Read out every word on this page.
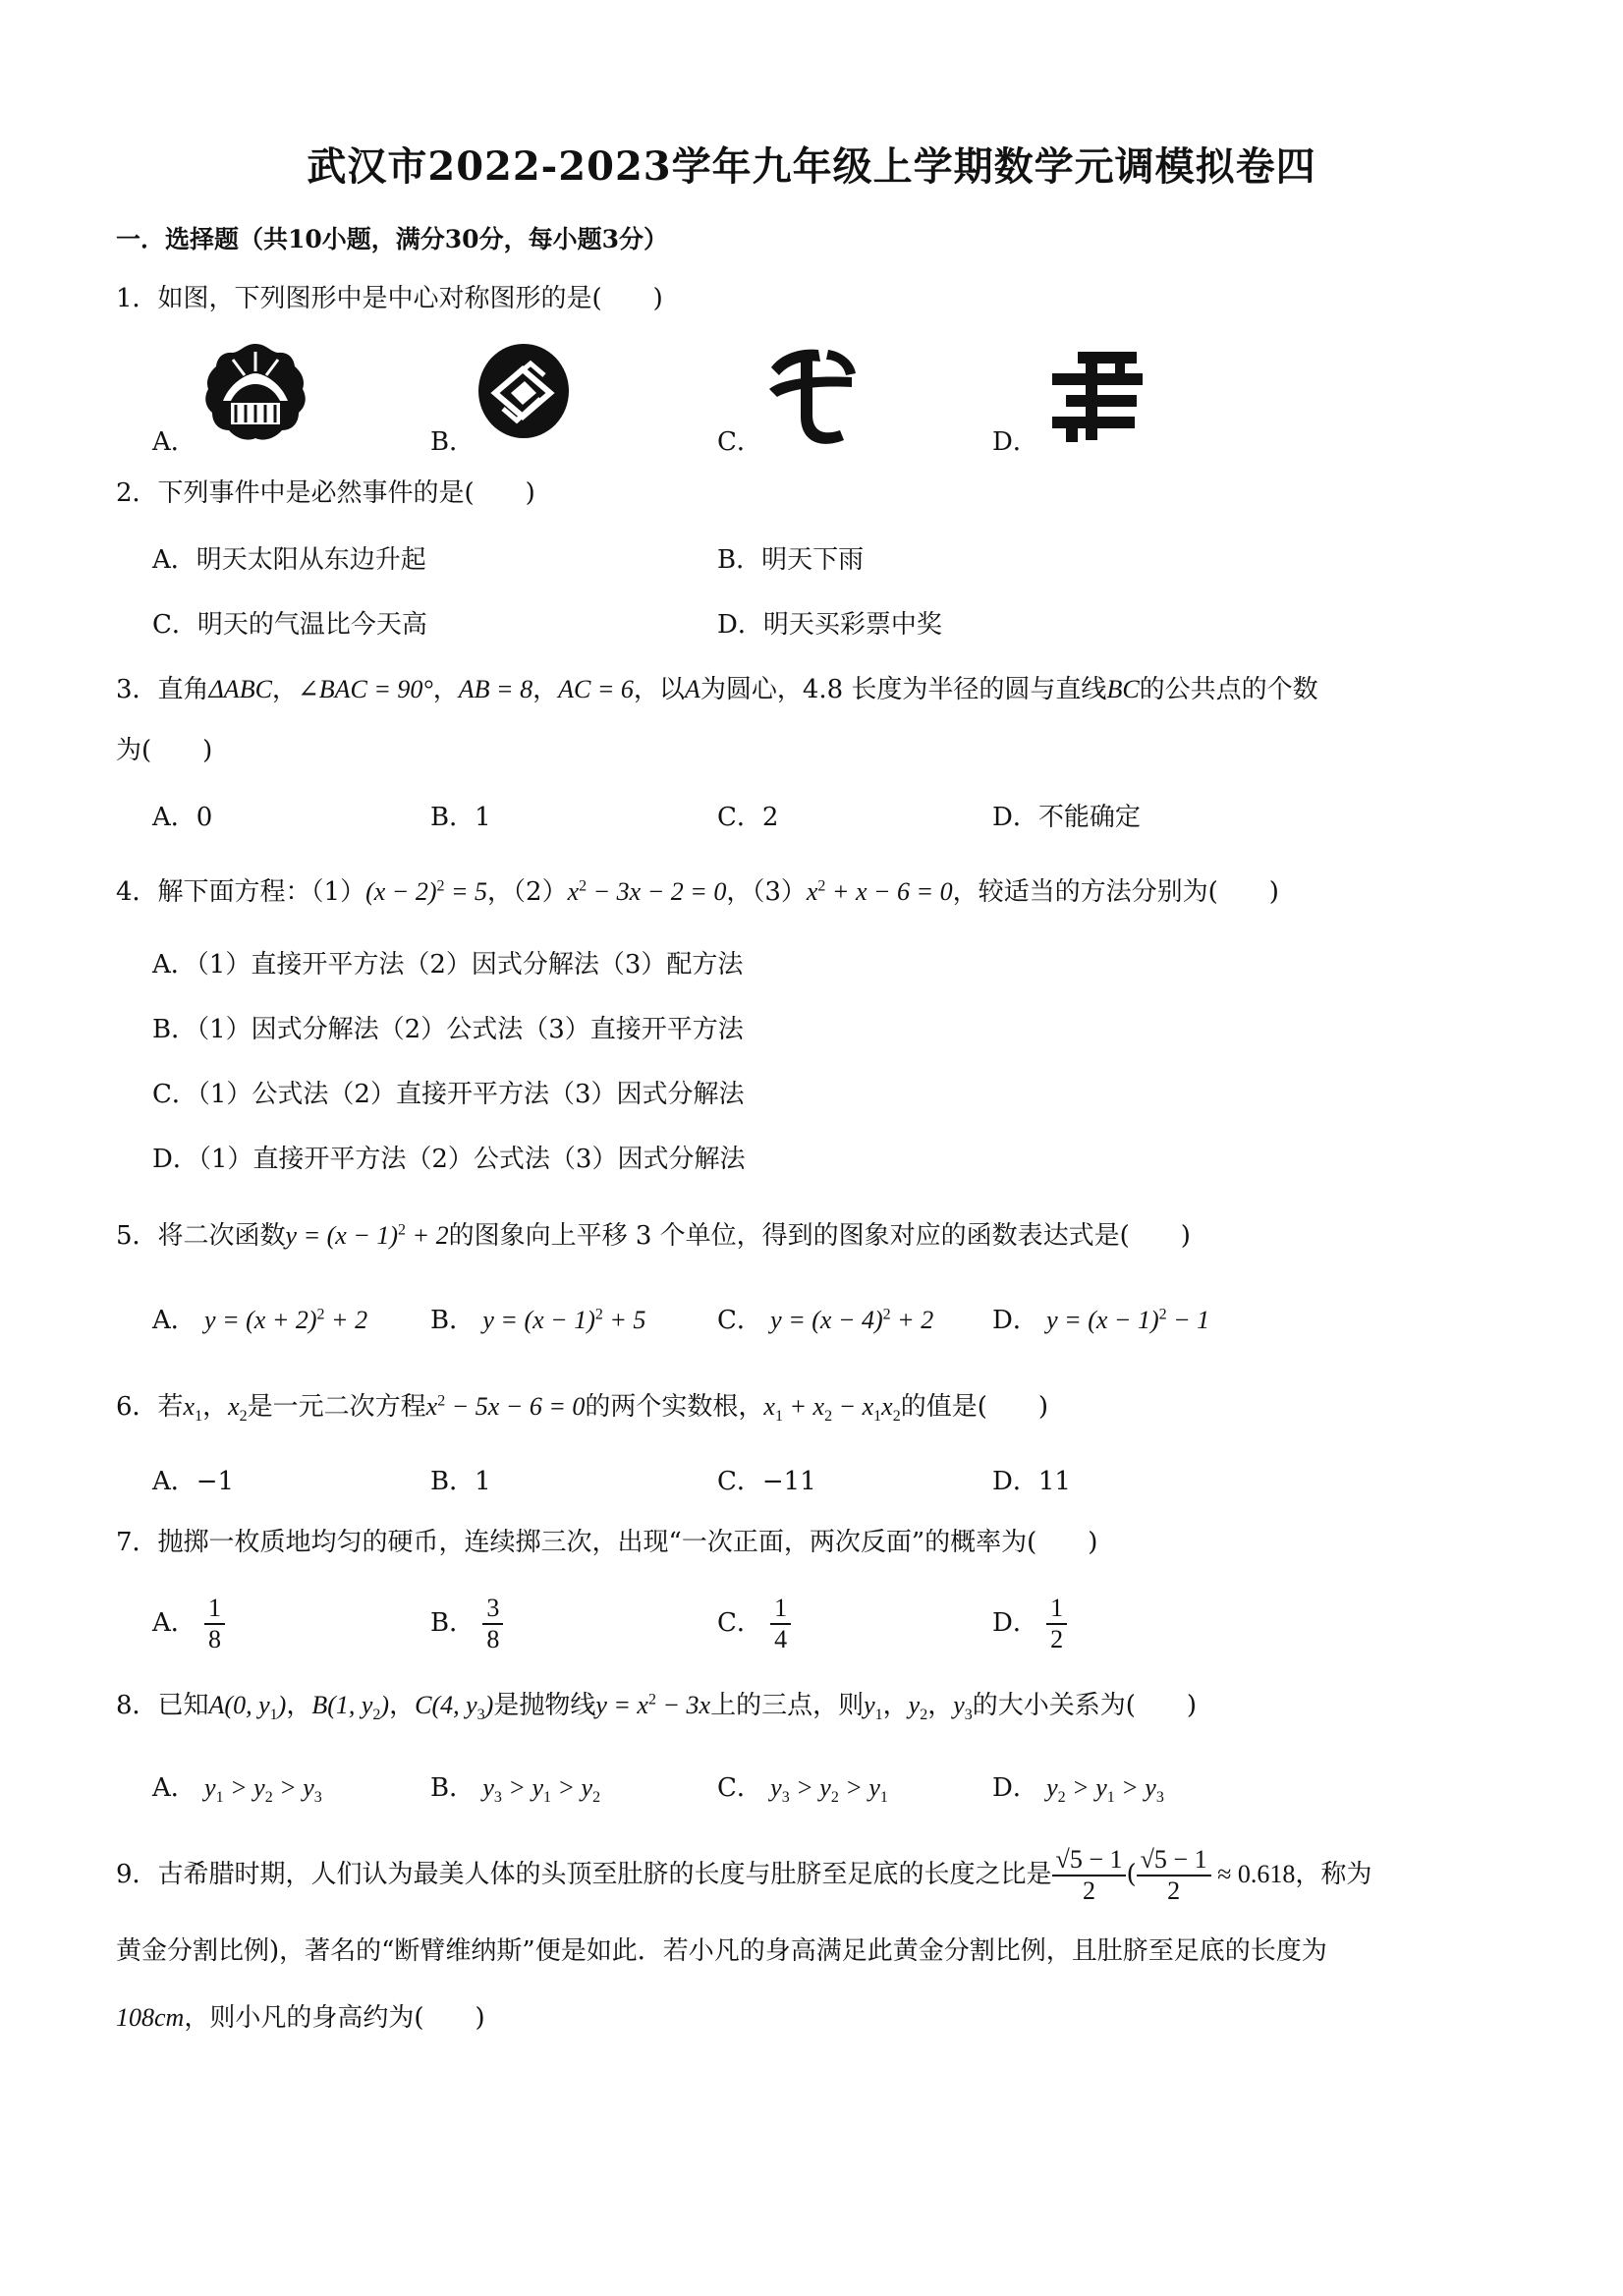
武汉市2022-2023学年九年级上学期数学元调模拟卷四
一．选择题（共10小题，满分30分，每小题3分）
1．如图，下列图形中是中心对称图形的是(　　)
A．	B．	C．	D．
2．下列事件中是必然事件的是(　　)
A．明天太阳从东边升起	B．明天下雨
C．明天的气温比今天高	D．明天买彩票中奖
3．直角ΔABC，∠BAC = 90°，AB = 8，AC = 6，以A为圆心，4.8 长度为半径的圆与直线BC的公共点的个数
为(　　)
A．0	B．1	C．2	D．不能确定
4．解下面方程：$(1)(x - 2)^2 = 5$，$(2)x^2 - 3x - 2 = 0$，$(3)x^2 + x - 6 = 0$，较适当的方法分别为(　　)
A．（1）直接开平方法（2）因式分解法（3）配方法
B．（1）因式分解法（2）公式法（3）直接开平方法
C．（1）公式法（2）直接开平方法（3）因式分解法
D．（1）直接开平方法（2）公式法（3）因式分解法
5．将二次函数$y = (x - 1)^2 + 2$的图象向上平移 3 个单位，得到的图象对应的函数表达式是(　　)
A． $y = (x + 2)^2 + 2$ B． $y = (x - 1)^2 + 5$	C． $y = (x - 4)^2 + 2$ D． $y = (x - 1)^2 - 1$
6．若$x_1$，$x_2$是一元二次方程$x^2 - 5x - 6 = 0$的两个实数根，$x_1 + x_2 - x_1x_2$的值是(　　)
A．−1	B．1	C．−11	D．11
7．抛掷一枚质地均匀的硬币，连续掷三次，出现“一次正面，两次反面”的概率为(　　)
A． $\frac{1}{8}$	B． $\frac{3}{8}$	C． $\frac{1}{4}$	D． $\frac{1}{2}$
8．已知A(0, $y_1$)，B(1, $y_2$)，C(4, $y_3$)是抛物线$y = x^2 - 3x$上的三点，则$y_1$，$y_2$，$y_3$的大小关系为(　　)
A． $y_1 > y_2 > y_3$	B． $y_3 > y_1 > y_2$	C． $y_3 > y_2 > y_1$	D． $y_2 > y_1 > y_3$
9．古希腊时期，人们认为最美人体的头顶至肚脐的长度与肚脐至足底的长度之比是 $\frac{√5 - 1}{2}$ ( $\frac{√5 - 1}{2} \approx 0.618$，称为
黄金分割比例)，著名的“断臂维纳斯”便是如此．若小凡的身高满足此黄金分割比例，且肚脐至足底的长度为
108cm，则小凡的身高约为(　　)
